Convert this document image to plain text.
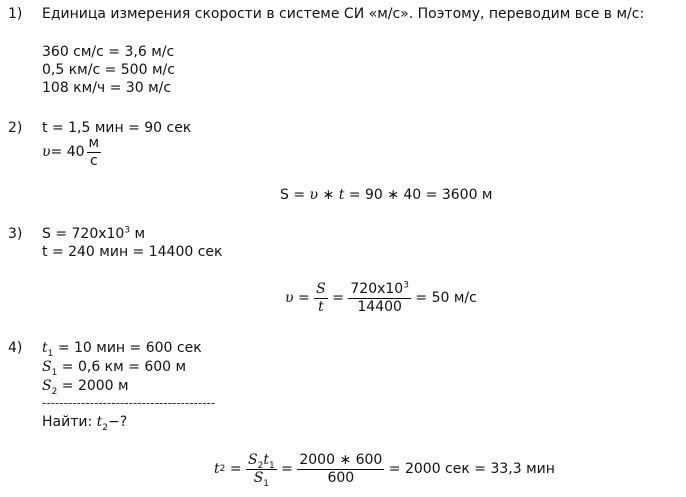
1) Единица измерения скорости в системе СИ «м/с». Поэтому, переводим все в м/с:
360 см/с = 3,6 м/с
0,5 км/с = 500 м/с
108 км/ч = 30 м/с
2) t = 1,5 мин = 90 сек
$\upsilon = 40 \frac{м}{с}$
S = υ ∗ t = 90 ∗ 40 = 3600 м
3) $S = 720x10^3$ м
t = 240 мин = 14400 сек
$\upsilon = \frac{S}{t} = \frac{720x10^3}{14400} = 50$ м/с
4) $t_1 = 10$ мин = 600 сек
$S_1 = 0,6$ км = 600 м
$S_2 = 2000$ м
----------------------------------------
Найти: $t_2-$?
t $2 = \frac{S_2t_1}{S_1} = \frac{2000 ∗ 600}{600} = 2000$ сек = 33,3 мин
